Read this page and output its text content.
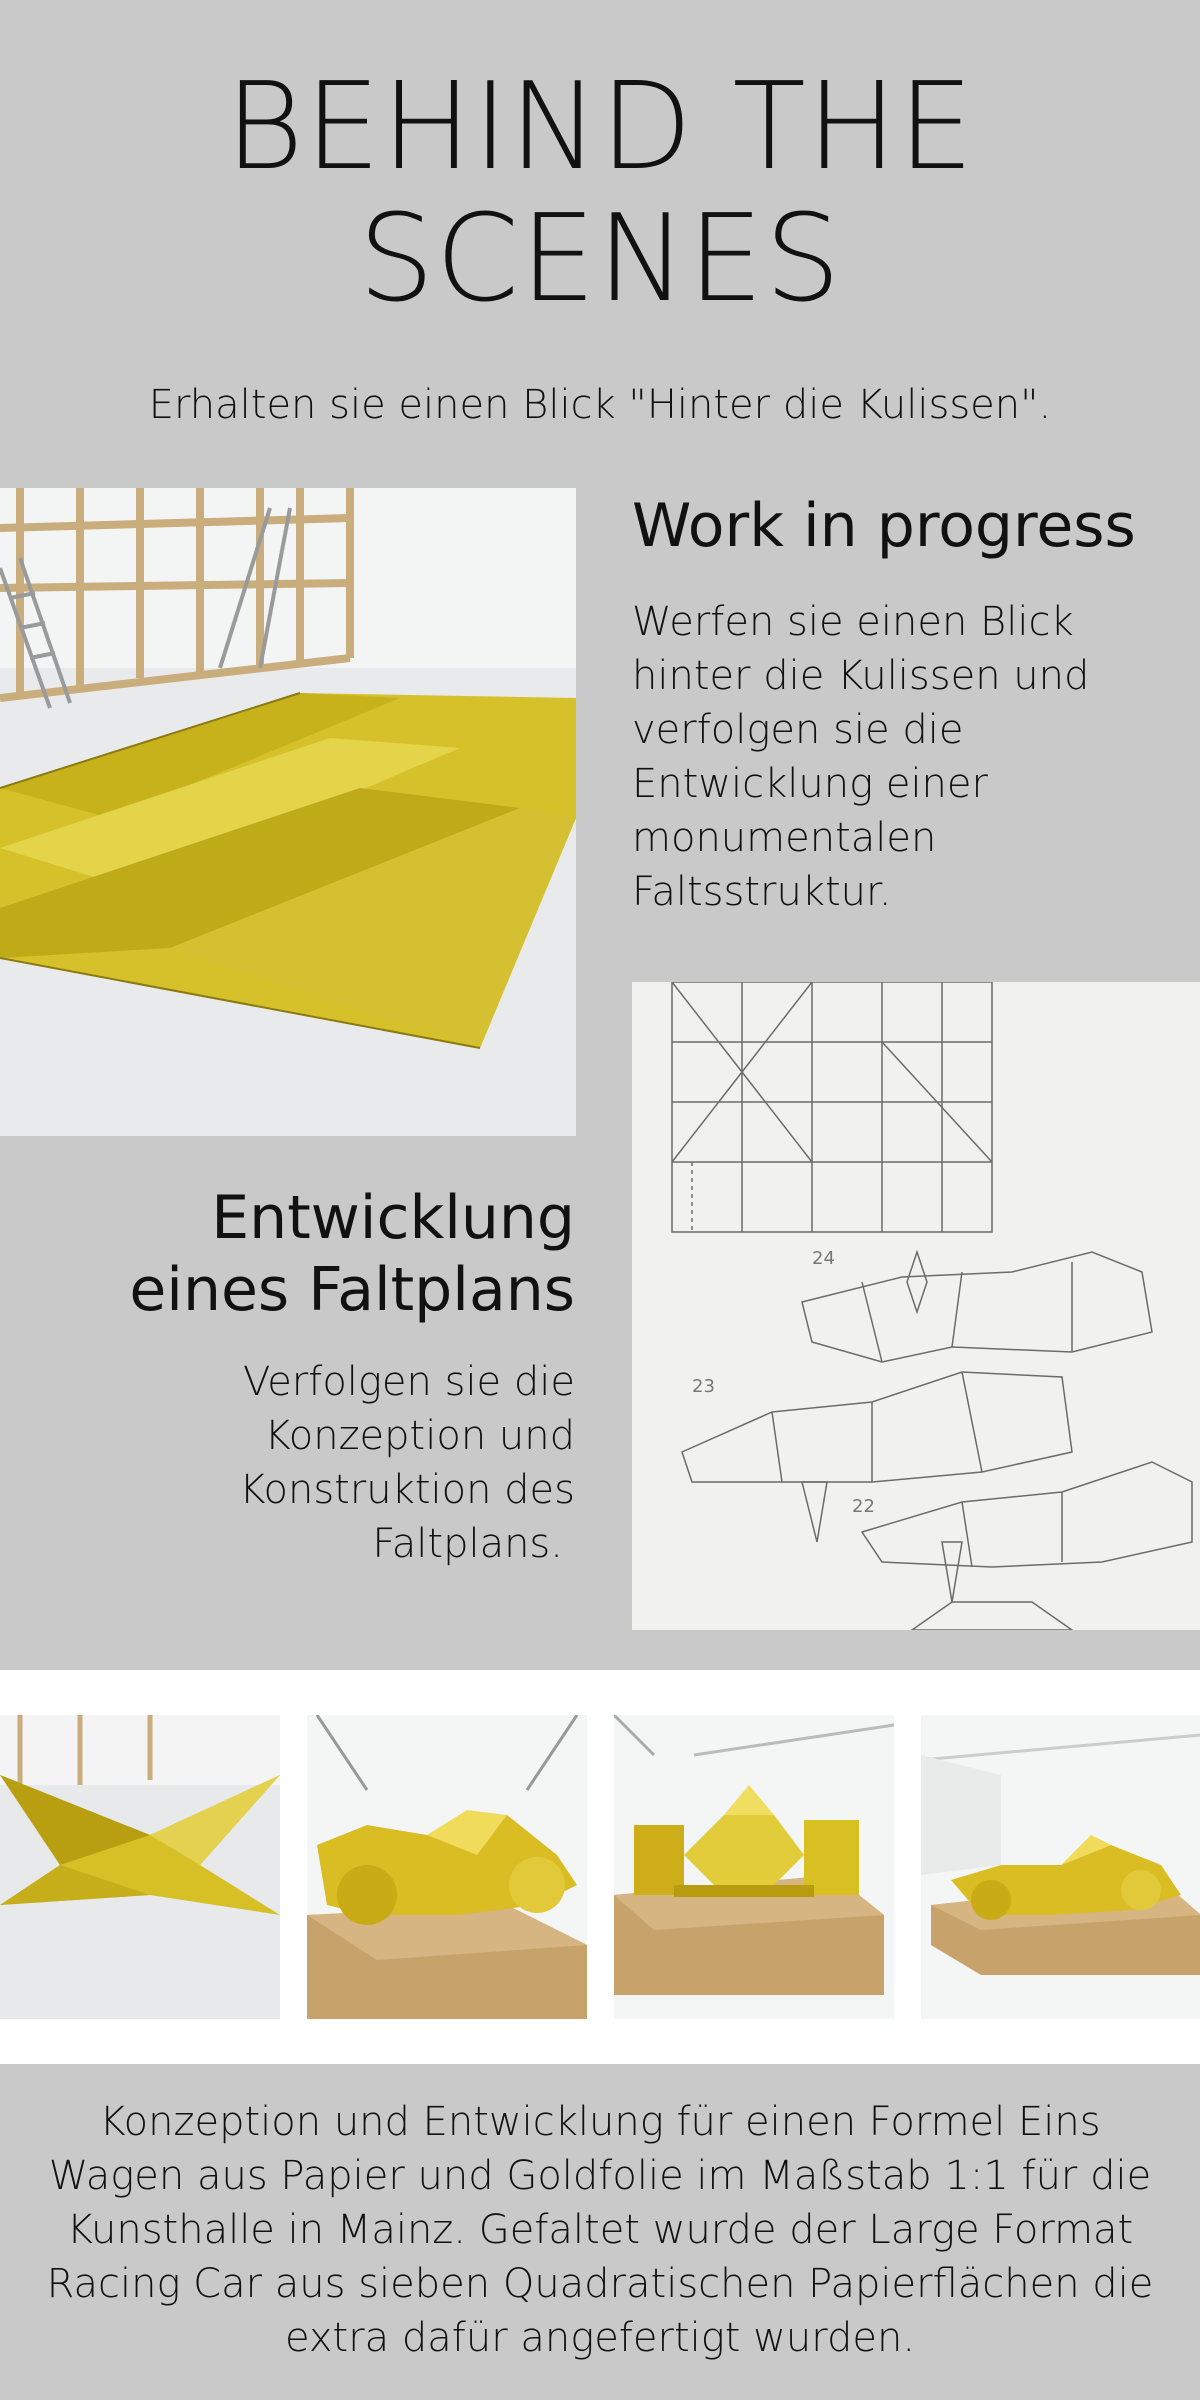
BEHIND THE
SCENES

Erhalten sie einen Blick "Hinter die Kulissen".

Work in progress
Werfen sie einen Blick
hinter die Kulissen und
verfolgen sie die
Entwicklung einer
monumentalen
Faltsstruktur.
Entwicklung
eines Faltplans
Verfolgen sie die
Konzeption und
Konstruktion des
Faltplans.
24
23
22
Konzeption und Entwicklung für einen Formel Eins
Wagen aus Papier und Goldfolie im Maßstab 1:1 für die
Kunsthalle in Mainz. Gefaltet wurde der Large Format
Racing Car aus sieben Quadratischen Papierflächen die
extra dafür angefertigt wurden.
